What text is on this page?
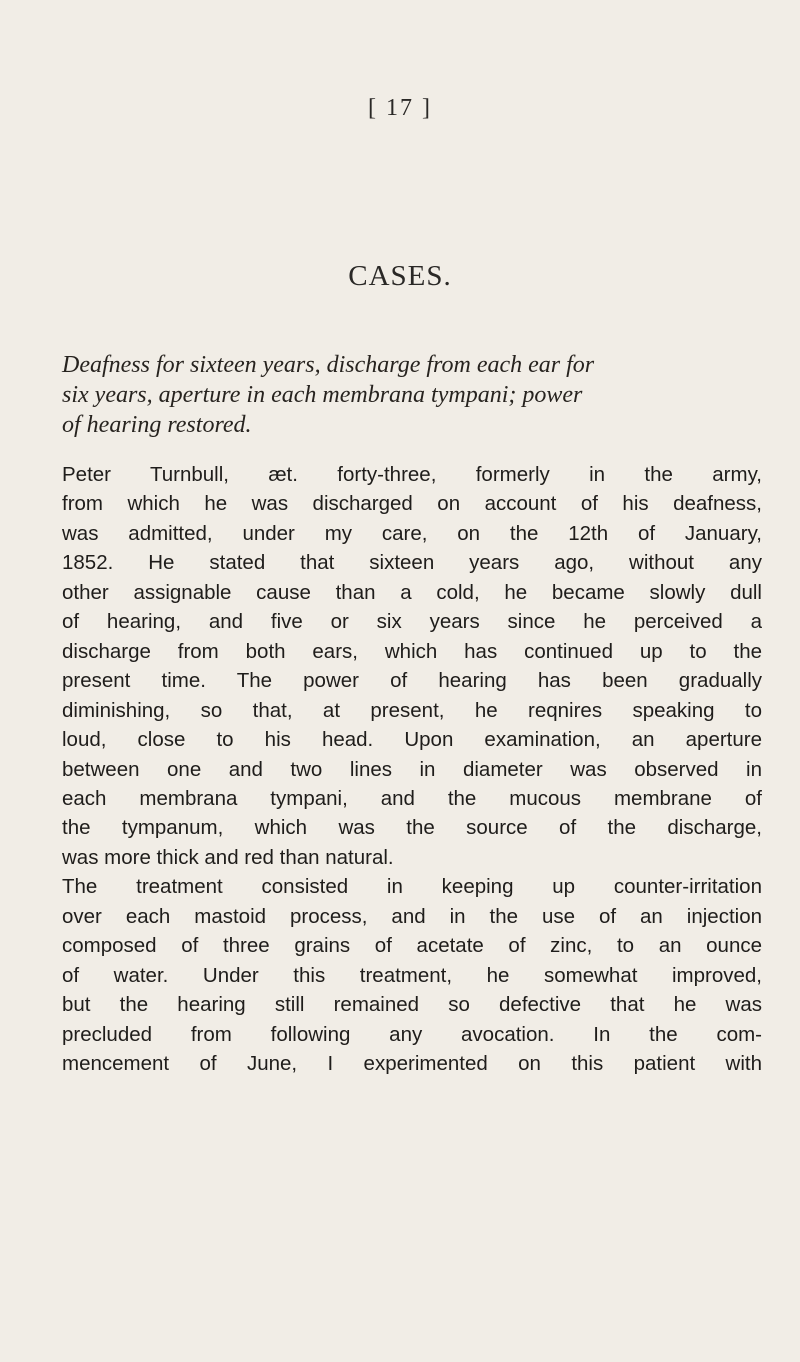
[ 17 ]
CASES.
Deafness for sixteen years, discharge from each ear for
six years, aperture in each membrana tympani; power
of hearing restored.
Peter Turnbull, æt. forty-three, formerly in the army,
from which he was discharged on account of his deafness,
was admitted, under my care, on the 12th of January,
1852. He stated that sixteen years ago, without any
other assignable cause than a cold, he became slowly dull
of hearing, and five or six years since he perceived a
discharge from both ears, which has continued up to the
present time. The power of hearing has been gradually
diminishing, so that, at present, he reqnires speaking to
loud, close to his head. Upon examination, an aperture
between one and two lines in diameter was observed in
each membrana tympani, and the mucous membrane of
the tympanum, which was the source of the discharge,
was more thick and red than natural.
The treatment consisted in keeping up counter-irritation
over each mastoid process, and in the use of an injection
composed of three grains of acetate of zinc, to an ounce
of water. Under this treatment, he somewhat improved,
but the hearing still remained so defective that he was
precluded from following any avocation. In the com-
mencement of June, I experimented on this patient with
